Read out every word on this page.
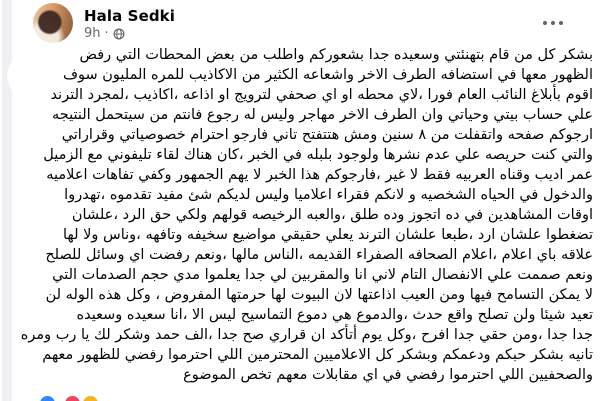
Hala Sedki
9h ·
بشكر كل من قام بتهنئتي وسعيده جدا بشعوركم واطلب من بعض المحطات التي رفض
الظهور معها في استضافه الطرف الاخر واشعاعه الكثير من الاكاذيب للمره المليون سوف
اقوم بأبلاغ النائب العام فورا ،لاي محطه او اي صحفي لترويج او اذاعه ،اكاذيب ،لمجرد الترند
علي حساب بيتي وحياتي وان الطرف الاخر مهاجر وليس له رجوع فانتم من سيتحمل النتيجه
ارجوكم صفحه واتقفلت من ٨ سنين ومش هتتفتح تاني فارجو احترام خصوصياتي وقراراتي
والتي كنت حريصه علي عدم نشرها ولوجود بلبله في الخبر ،كان هناك لقاء تليفوني مع الزميل
عمر اديب وقناه العربيه فقط لا غير ،فارجوكم هذا الخبر لا يهم الجمهور وكفي تفاهات اعلاميه
والدخول في الحياه الشخصيه و لانكم فقراء اعلاميا وليس لديكم شئ مفيد تقدموه ،تهدروا
اوقات المشاهدين في ده اتجوز وده طلق ،والعبه الرخيصه قولهم ولكي حق الرد ،علشان
تضغطوا علشان ارد ،طبعا علشان الترند يعلي حقيقي مواضيع سخيفه وتافهه ،وناس ولا لها
علاقه باي اعلام ،اعلام الصحافه الصفراء القديمه ،الناس مالها ،ونعم رفضت اي وسائل للصلح
ونعم صممت علي الانفصال التام لاني انا والمقربين لي جدا يعلموا مدي حجم الصدمات التي
لا يمكن التسامح فيها ومن العيب اذاعتها لان البيوت لها حرمتها المفروض ، وكل هذه الوله لن
تعيد شيئا ولن تصلح واقع حدث ،والدموع هي دموع التماسيح ليس الا ،انا سعيده وسعيده
جدا جدا ،ومن حقي جدا افرح ،وكل يوم أتأكد ان قراري صح جدا ،الف حمد وشكر لك يا رب ومره
تانيه بشكر حبكم ودعمكم وبشكر كل الاعلاميين المحترمين اللي احترموا رفضي للظهور معهم
والصحفيين اللي احترموا رفضي في اي مقابلات معهم تخص الموضوع
